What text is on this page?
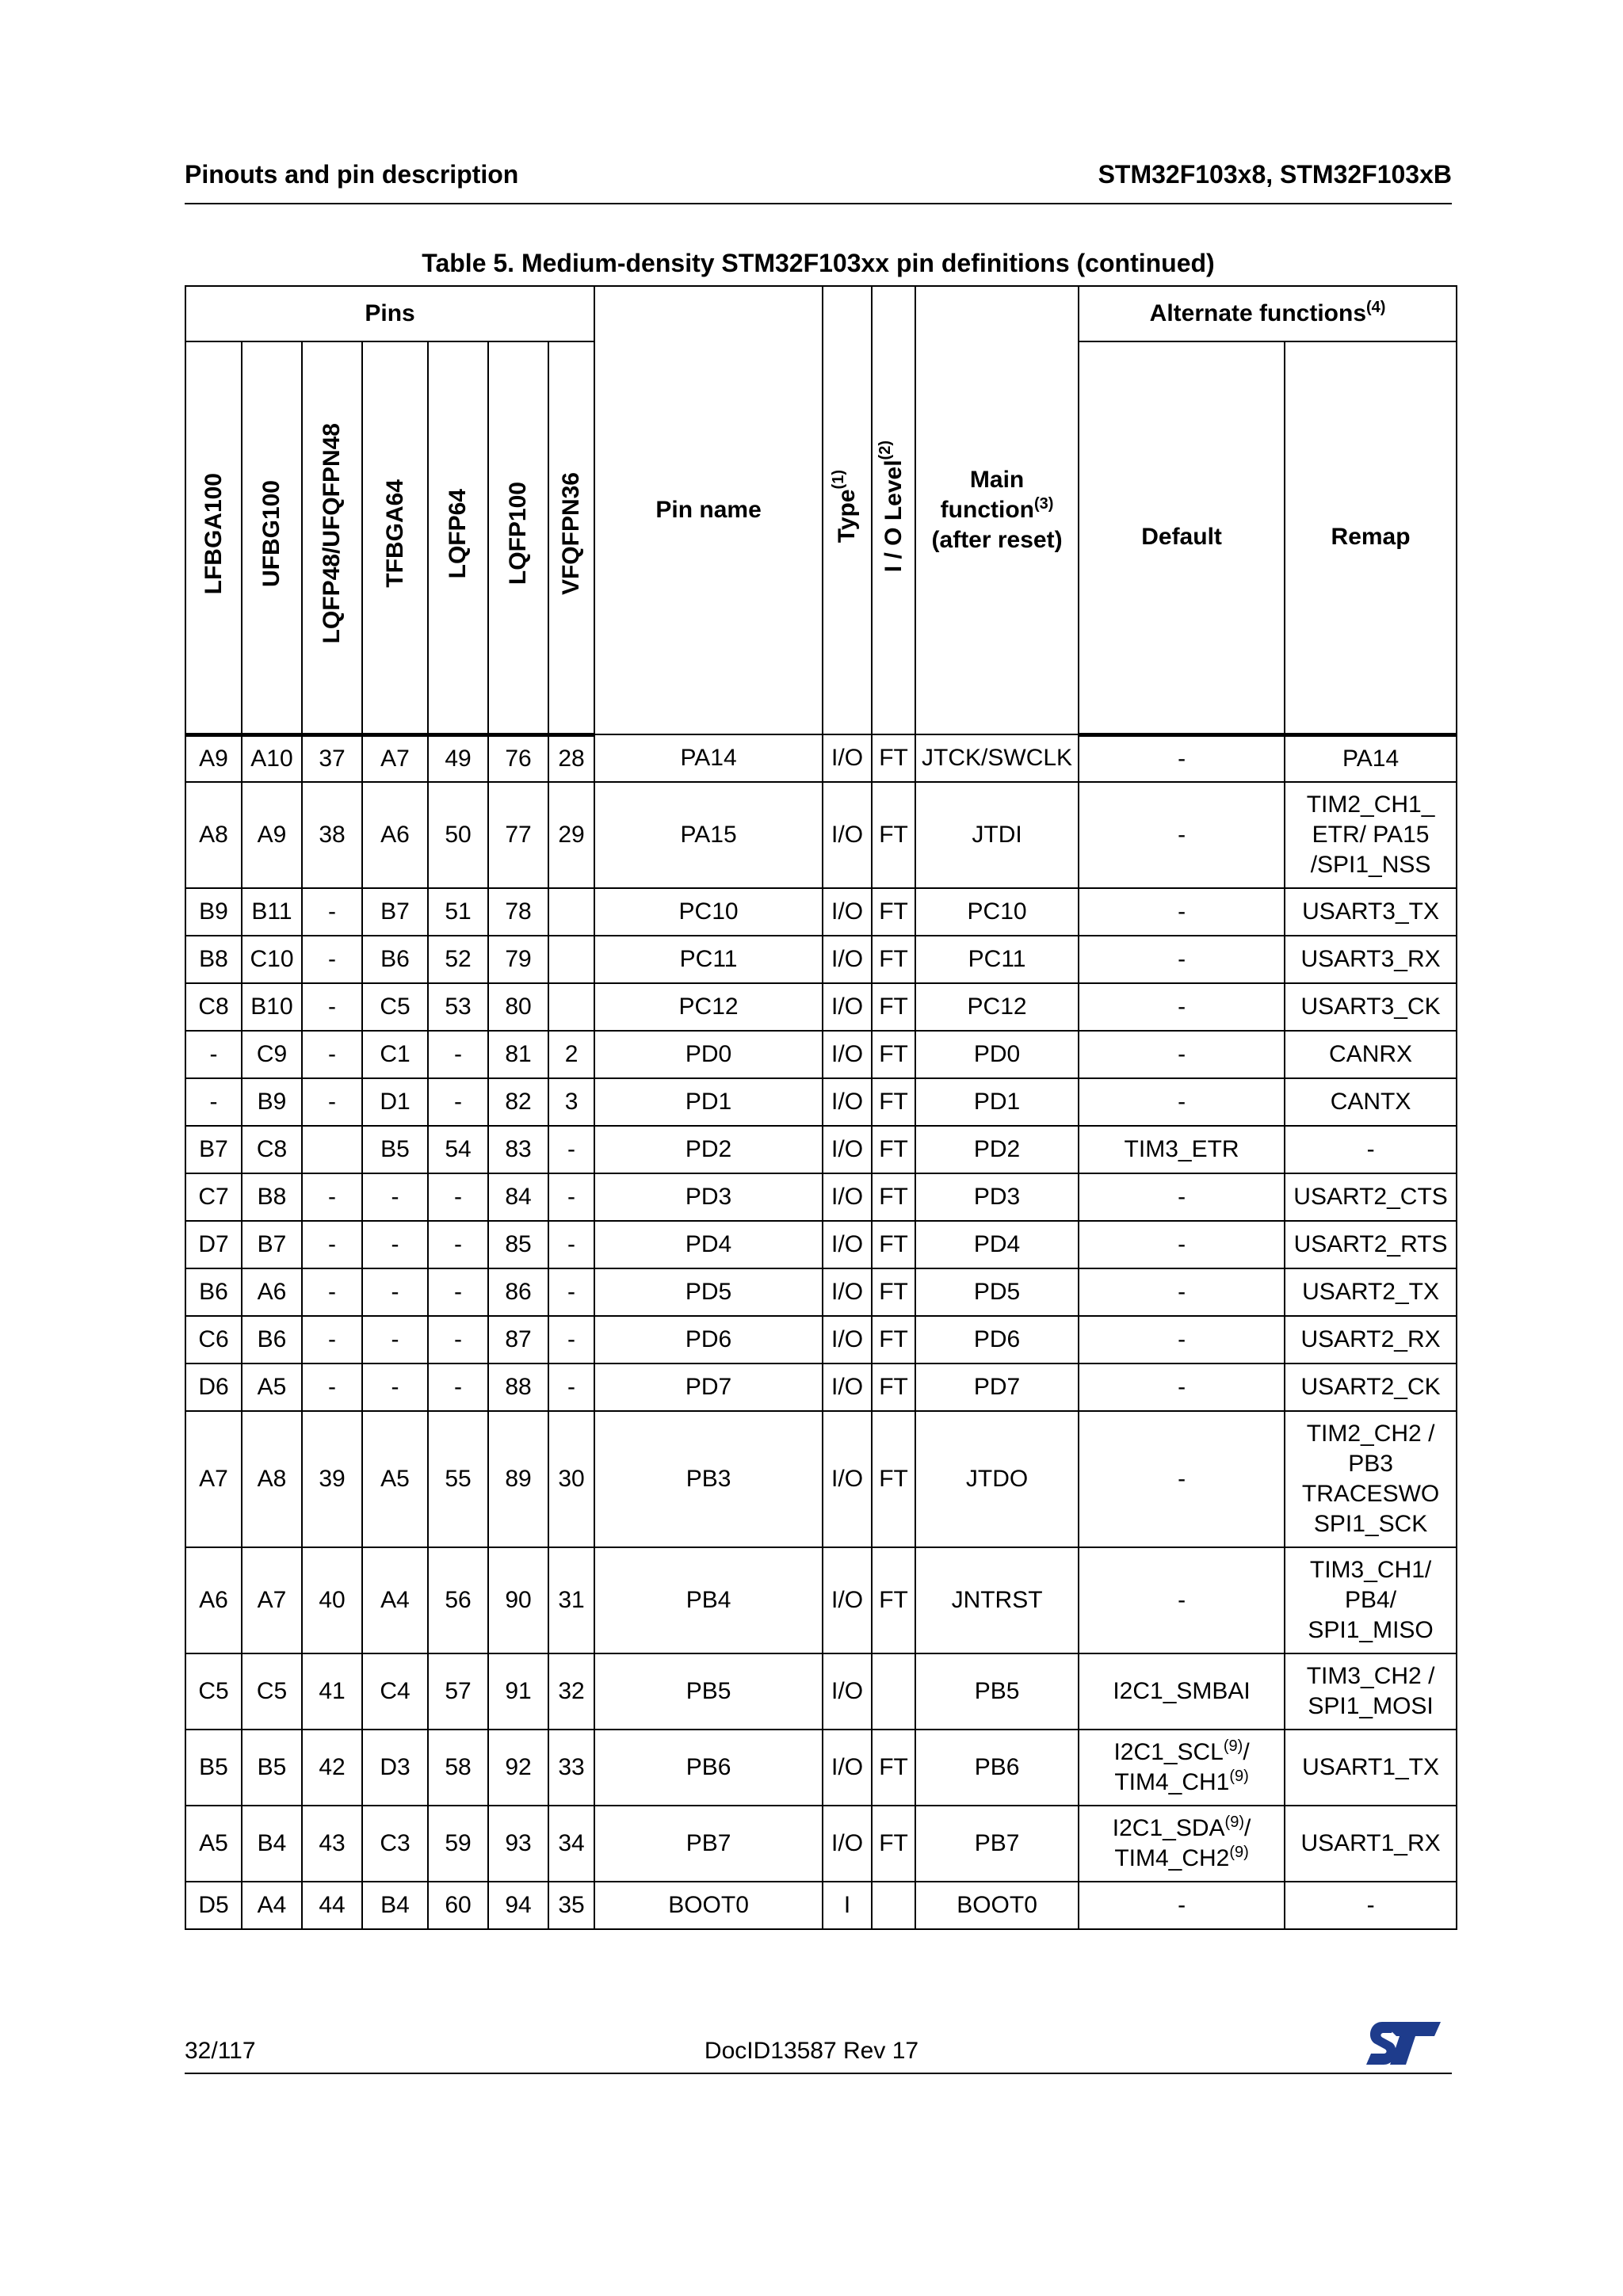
Pinouts and pin description	STM32F103x8, STM32F103xB
Table 5. Medium-density STM32F103xx pin definitions (continued)
Pins							Pin name	Type$^{(1)}$	I / O Level$^{(2)}$	Main
function$^{(3)}$
(after reset)	Alternate functions$^{(4)}$
LFBGA100	UFBG100	LQFP48/UFQFPN48	TFBGA64	LQFP64	LQFP100	VFQFPN36					Default	Remap
A9	A10	37	A7	49	76	28	PA14	I/O	FT	JTCK/SWCLK	-	PA14

A8	A9	38	A6	50	77	29	PA15	I/O	FT	JTDI	-	TIM2_CH1_
ETR/ PA15
/SPI1_NSS

B9	B11	-	B7	51	78		PC10	I/O	FT	PC10	-	USART3_TX

B8	C10	-	B6	52	79		PC11	I/O	FT	PC11	-	USART3_RX

C8	B10	-	C5	53	80		PC12	I/O	FT	PC12	-	USART3_CK

-	C9	-	C1	-	81	2	PD0	I/O	FT	PD0	-	CANRX

-	B9	-	D1	-	82	3	PD1	I/O	FT	PD1	-	CANTX

B7	C8		B5	54	83	-	PD2	I/O	FT	PD2	TIM3_ETR	-

C7	B8	-	-	-	84	-	PD3	I/O	FT	PD3	-	USART2_CTS

D7	B7	-	-	-	85	-	PD4	I/O	FT	PD4	-	USART2_RTS

B6	A6	-	-	-	86	-	PD5	I/O	FT	PD5	-	USART2_TX

C6	B6	-	-	-	87	-	PD6	I/O	FT	PD6	-	USART2_RX

D6	A5	-	-	-	88	-	PD7	I/O	FT	PD7	-	USART2_CK

A7	A8	39	A5	55	89	30	PB3	I/O	FT	JTDO	-	TIM2_CH2 /
PB3
TRACESWO
SPI1_SCK

A6	A7	40	A4	56	90	31	PB4	I/O	FT	JNTRST	-	TIM3_CH1/
PB4/
SPI1_MISO

C5	C5	41	C4	57	91	32	PB5	I/O		PB5	I2C1_SMBAI	TIM3_CH2 /
SPI1_MOSI

B5	B5	42	D3	58	92	33	PB6	I/O	FT	PB6	I2C1_SCL$^{(9)}$/
TIM4_CH1$^{(9)}$	USART1_TX

A5	B4	43	C3	59	93	34	PB7	I/O	FT	PB7	I2C1_SDA$^{(9)}$/
TIM4_CH2$^{(9)}$	USART1_RX

D5	A4	44	B4	60	94	35	BOOT0	I		BOOT0	-	-
32/117	DocID13587 Rev 17
